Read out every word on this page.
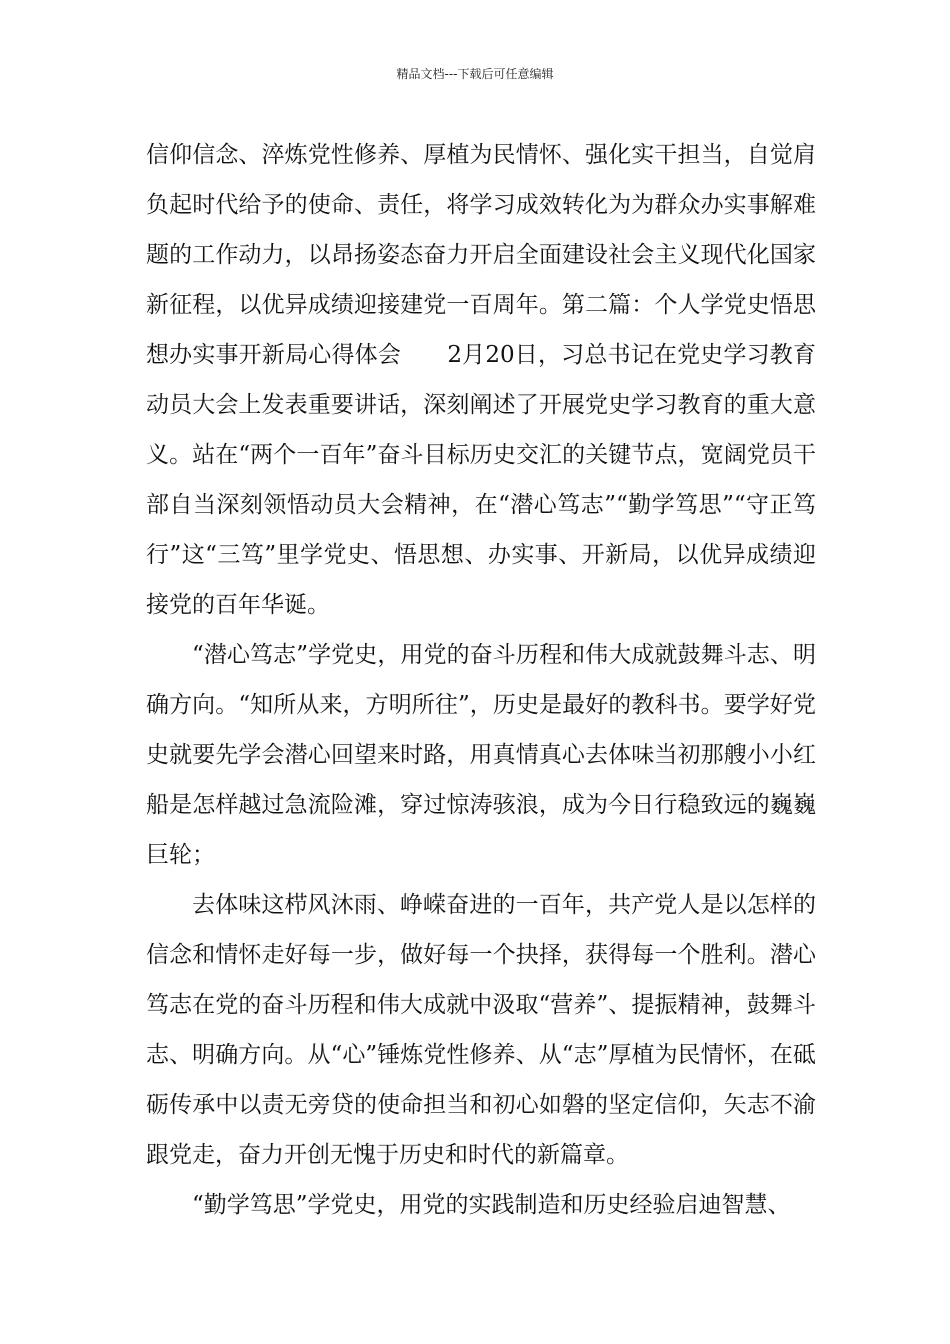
精品文档---下载后可任意编辑

信仰信念、淬炼党性修养、厚植为民情怀、强化实干担当，自觉肩负起时代给予的使命、责任，将学习成效转化为为群众办实事解难题的工作动力，以昂扬姿态奋力开启全面建设社会主义现代化国家新征程，以优异成绩迎接建党一百周年。第二篇：个人学党史悟思想办实事开新局心得体会　　2月20日，习总书记在党史学习教育动员大会上发表重要讲话，深刻阐述了开展党史学习教育的重大意义。站在“两个一百年”奋斗目标历史交汇的关键节点，宽阔党员干部自当深刻领悟动员大会精神，在“潜心笃志”“勤学笃思”“守正笃行”这“三笃”里学党史、悟思想、办实事、开新局，以优异成绩迎接党的百年华诞。

“潜心笃志”学党史，用党的奋斗历程和伟大成就鼓舞斗志、明确方向。“知所从来，方明所往”，历史是最好的教科书。要学好党史就要先学会潜心回望来时路，用真情真心去体味当初那艘小小红船是怎样越过急流险滩，穿过惊涛骇浪，成为今日行稳致远的巍巍巨轮；

去体味这栉风沐雨、峥嵘奋进的一百年，共产党人是以怎样的信念和情怀走好每一步，做好每一个抉择，获得每一个胜利。潜心笃志在党的奋斗历程和伟大成就中汲取“营养”、提振精神，鼓舞斗志、明确方向。从“心”锤炼党性修养、从“志”厚植为民情怀，在砥砺传承中以责无旁贷的使命担当和初心如磐的坚定信仰，矢志不渝跟党走，奋力开创无愧于历史和时代的新篇章。

“勤学笃思”学党史，用党的实践制造和历史经验启迪智慧、
